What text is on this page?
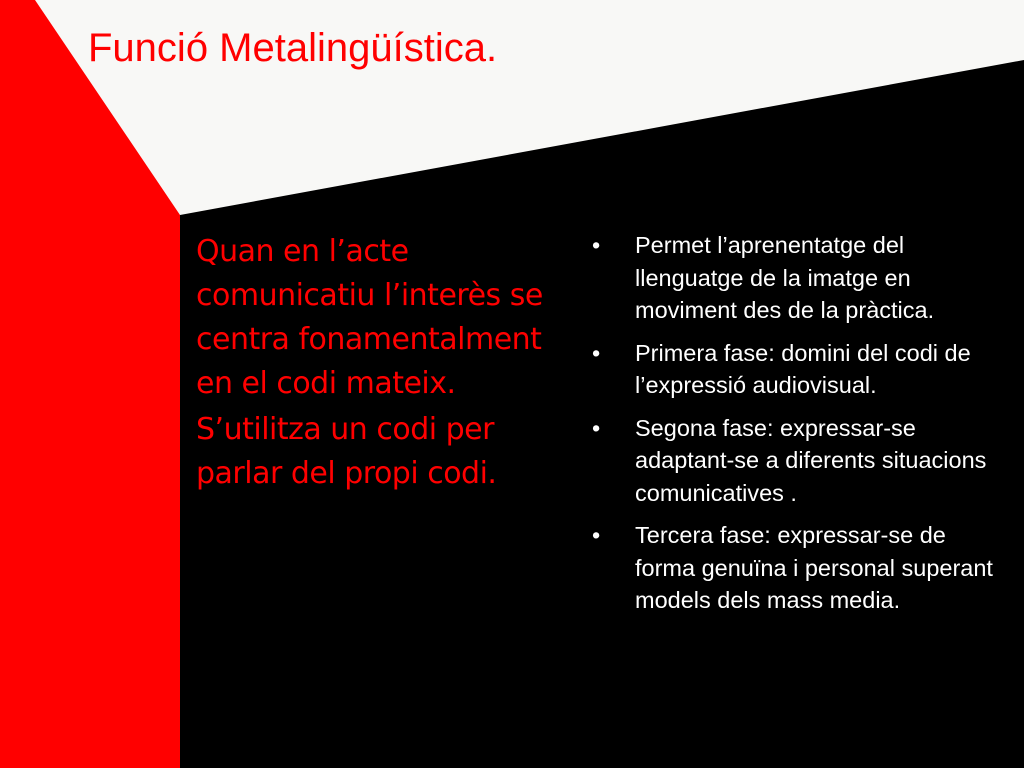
Funció Metalingüística.

Quan en l’acte comunicatiu l’interès se centra fonamentalment en el codi mateix.

S’utilitza un codi per parlar del propi codi.

• Permet l’aprenentatge del llenguatge de la imatge en moviment des de la pràctica.
• Primera fase: domini del codi de l’expressió audiovisual.
• Segona fase: expressar-se adaptant-se a diferents situacions comunicatives .
• Tercera fase: expressar-se de forma genuïna i personal superant models dels mass media.
